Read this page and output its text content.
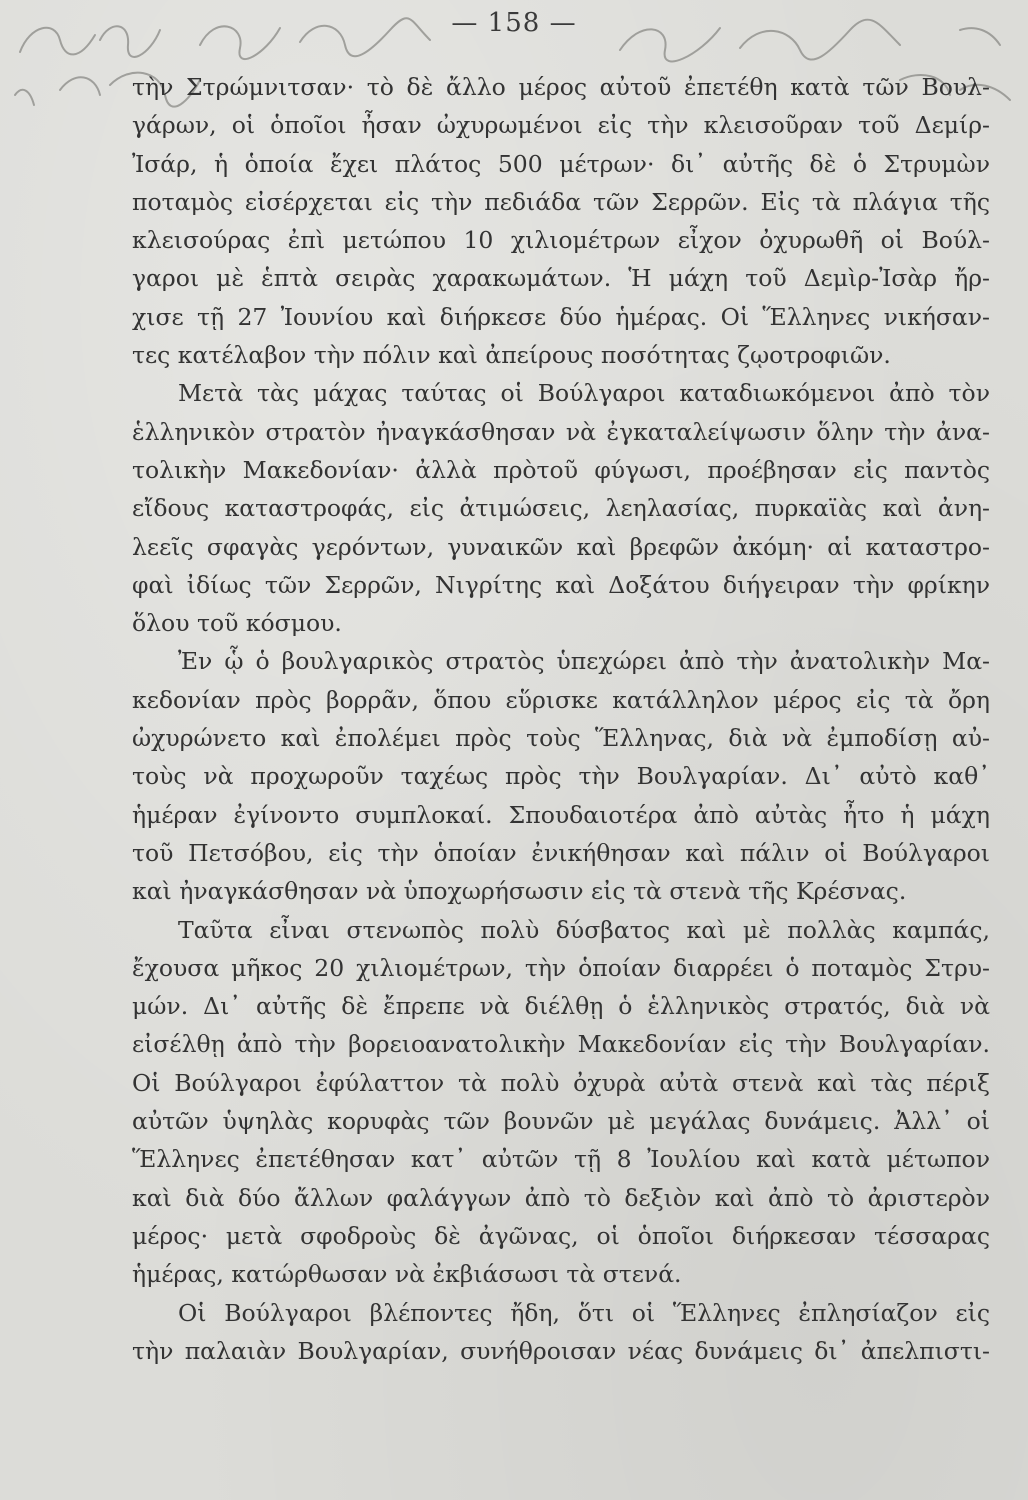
— 158 —
τὴν Στρώμνιτσαν· τὸ δὲ ἄλλο μέρος αὐτοῦ ἐπετέθη κατὰ τῶν Βουλ-
γάρων, οἱ ὁποῖοι ἦσαν ὠχυρωμένοι εἰς τὴν κλεισοῦραν τοῦ Δεμίρ-
Ἰσάρ, ἡ ὁποία ἔχει πλάτος 500 μέτρων· δι᾽ αὐτῆς δὲ ὁ Στρυμὼν
ποταμὸς εἰσέρχεται εἰς τὴν πεδιάδα τῶν Σερρῶν. Εἰς τὰ πλάγια τῆς
κλεισούρας ἐπὶ μετώπου 10 χιλιομέτρων εἶχον ὀχυρωθῆ οἱ Βούλ-
γαροι μὲ ἑπτὰ σειρὰς χαρακωμάτων. Ἡ μάχη τοῦ Δεμὶρ-Ἰσὰρ ἤρ-
χισε τῇ 27 Ἰουνίου καὶ διήρκεσε δύο ἡμέρας. Οἱ Ἕλληνες νικήσαν-
τες κατέλαβον τὴν πόλιν καὶ ἀπείρους ποσότητας ζῳοτροφιῶν.
Μετὰ τὰς μάχας ταύτας οἱ Βούλγαροι καταδιωκόμενοι ἀπὸ τὸν
ἑλληνικὸν στρατὸν ἠναγκάσθησαν νὰ ἐγκαταλείψωσιν ὅλην τὴν ἀνα-
τολικὴν Μακεδονίαν· ἀλλὰ πρὸτοῦ φύγωσι, προέβησαν εἰς παντὸς
εἴδους καταστροφάς, εἰς ἀτιμώσεις, λεηλασίας, πυρκαϊὰς καὶ ἀνη-
λεεῖς σφαγὰς γερόντων, γυναικῶν καὶ βρεφῶν ἀκόμη· αἱ καταστρο-
φαὶ ἰδίως τῶν Σερρῶν, Νιγρίτης καὶ Δοξάτου διήγειραν τὴν φρίκην
ὅλου τοῦ κόσμου.
Ἐν ᾧ ὁ βουλγαρικὸς στρατὸς ὑπεχώρει ἀπὸ τὴν ἀνατολικὴν Μα-
κεδονίαν πρὸς βορρᾶν, ὅπου εὕρισκε κατάλληλον μέρος εἰς τὰ ὄρη
ὠχυρώνετο καὶ ἐπολέμει πρὸς τοὺς Ἕλληνας, διὰ νὰ ἐμποδίσῃ αὐ-
τοὺς νὰ προχωροῦν ταχέως πρὸς τὴν Βουλγαρίαν. Δι᾽ αὐτὸ καθ᾽
ἡμέραν ἐγίνοντο συμπλοκαί. Σπουδαιοτέρα ἀπὸ αὐτὰς ἦτο ἡ μάχη
τοῦ Πετσόβου, εἰς τὴν ὁποίαν ἐνικήθησαν καὶ πάλιν οἱ Βούλγαροι
καὶ ἠναγκάσθησαν νὰ ὑποχωρήσωσιν εἰς τὰ στενὰ τῆς Κρέσνας.
Ταῦτα εἶναι στενωπὸς πολὺ δύσβατος καὶ μὲ πολλὰς καμπάς,
ἔχουσα μῆκος 20 χιλιομέτρων, τὴν ὁποίαν διαρρέει ὁ ποταμὸς Στρυ-
μών. Δι᾽ αὐτῆς δὲ ἔπρεπε νὰ διέλθῃ ὁ ἑλληνικὸς στρατός, διὰ νὰ
εἰσέλθῃ ἀπὸ τὴν βορειοανατολικὴν Μακεδονίαν εἰς τὴν Βουλγαρίαν.
Οἱ Βούλγαροι ἐφύλαττον τὰ πολὺ ὀχυρὰ αὐτὰ στενὰ καὶ τὰς πέριξ
αὐτῶν ὑψηλὰς κορυφὰς τῶν βουνῶν μὲ μεγάλας δυνάμεις. Ἀλλ᾽ οἱ
Ἕλληνες ἐπετέθησαν κατ᾽ αὐτῶν τῇ 8 Ἰουλίου καὶ κατὰ μέτωπον
καὶ διὰ δύο ἄλλων φαλάγγων ἀπὸ τὸ δεξιὸν καὶ ἀπὸ τὸ ἀριστερὸν
μέρος· μετὰ σφοδροὺς δὲ ἀγῶνας, οἱ ὁποῖοι διήρκεσαν τέσσαρας
ἡμέρας, κατώρθωσαν νὰ ἐκβιάσωσι τὰ στενά.
Οἱ Βούλγαροι βλέποντες ἤδη, ὅτι οἱ Ἕλληνες ἐπλησίαζον εἰς
τὴν παλαιὰν Βουλγαρίαν, συνήθροισαν νέας δυνάμεις δι᾽ ἀπελπιστι-
